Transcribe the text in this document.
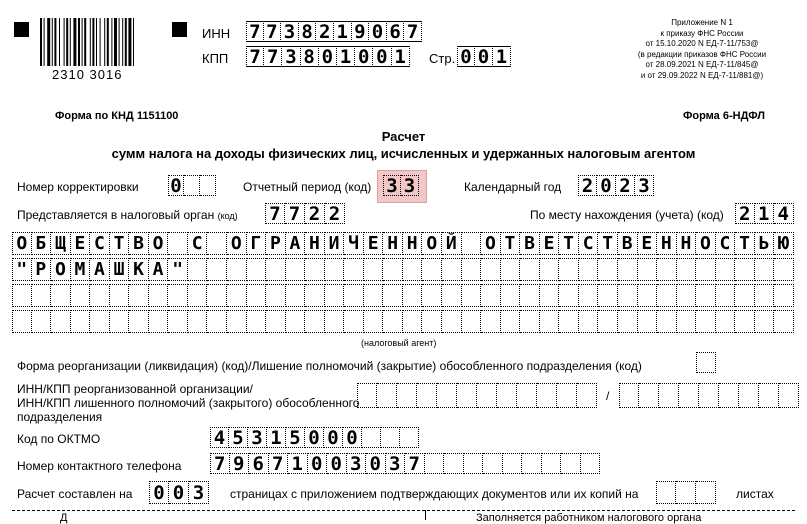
2310 3016
ИНН 7 7 3 8 2 1 9 0 6 7
КПП 7 7 3 8 0 1 0 0 1 Стр. 0 0 1
Приложение N 1
к приказу ФНС России
от 15.10.2020 N ЕД-7-11/753@
(в редакции приказов ФНС России
от 28.09.2021 N ЕД-7-11/845@
и от 29.09.2022 N ЕД-7-11/881@)
Форма по КНД 1151100	Форма 6-НДФЛ
Расчет
сумм налога на доходы физических лиц, исчисленных и удержанных налоговым агентом
Номер корректировки 0	Отчетный период (код) 3 3	Календарный год 2 0 2 3
Представляется в налоговый орган (код) 7 7 2 2	По месту нахождения (учета) (код) 2 1 4
О Б Щ Е С Т В О С О Г Р А Н И Ч Е Н Н О Й О Т В Е Т С Т В Е Н Н О С Т Ь Ю
" Р О М А Ш К А "
(налоговый агент)
Форма реорганизации (ликвидация) (код)/Лишение полномочий (закрытие) обособленного подразделения (код)
ИНН/КПП реорганизованной организации/
ИНН/КПП лишенного полномочий (закрытого) обособленного
подразделения
/
Код по ОКТМО	4 5 3 1 5 0 0 0
Номер контактного телефона 7 9 6 7 1 0 0 3 0 3 7
Расчет составлен на 0 0 3	страницах с приложением подтверждающих документов или их копий на	листах
Д	Заполняется работником налогового органа
